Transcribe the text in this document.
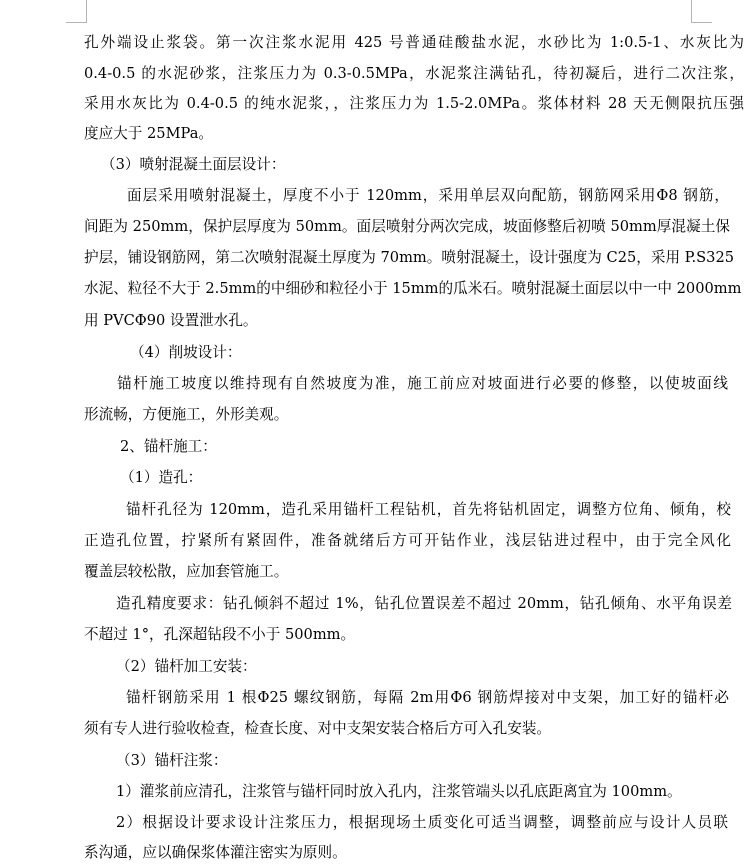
孔外端设止浆袋。第一次注浆水泥用 425 号普通硅酸盐水泥，水砂比为 1:0.5-1、水灰比为
0.4-0.5 的水泥砂浆，注浆压力为 0.3-0.5MPa，水泥浆注满钻孔，待初凝后，进行二次注浆，
采用水灰比为 0.4-0.5 的纯水泥浆，，注浆压力为 1.5-2.0MPa。浆体材料 28 天无侧限抗压强
度应大于 25MPa。
（3）喷射混凝土面层设计：
面层采用喷射混凝土，厚度不小于 120mm，采用单层双向配筋，钢筋网采用Φ8 钢筋，
间距为 250mm，保护层厚度为 50mm。面层喷射分两次完成，坡面修整后初喷 50mm厚混凝土保
护层，铺设钢筋网，第二次喷射混凝土厚度为 70mm。喷射混凝土，设计强度为 C25，采用 P.S325
水泥、粒径不大于 2.5mm的中细砂和粒径小于 15mm的瓜米石。喷射混凝土面层以中一中 2000mm
用 PVCΦ90 设置泄水孔。
（4）削坡设计：
锚杆施工坡度以维持现有自然坡度为准，施工前应对坡面进行必要的修整，以使坡面线
形流畅，方便施工，外形美观。
2、锚杆施工：
（1）造孔：
锚杆孔径为 120mm，造孔采用锚杆工程钻机，首先将钻机固定，调整方位角、倾角，校
正造孔位置，拧紧所有紧固件，准备就绪后方可开钻作业，浅层钻进过程中，由于完全风化
覆盖层较松散，应加套管施工。
造孔精度要求：钻孔倾斜不超过 1%，钻孔位置误差不超过 20mm，钻孔倾角、水平角误差
不超过 1°，孔深超钻段不小于 500mm。
（2）锚杆加工安装：
锚杆钢筋采用 1 根Φ25 螺纹钢筋，每隔 2m用Φ6 钢筋焊接对中支架，加工好的锚杆必
须有专人进行验收检查，检查长度、对中支架安装合格后方可入孔安装。
（3）锚杆注浆：
1）灌浆前应清孔，注浆管与锚杆同时放入孔内，注浆管端头以孔底距离宜为 100mm。
2）根据设计要求设计注浆压力，根据现场土质变化可适当调整，调整前应与设计人员联
系沟通，应以确保浆体灌注密实为原则。
